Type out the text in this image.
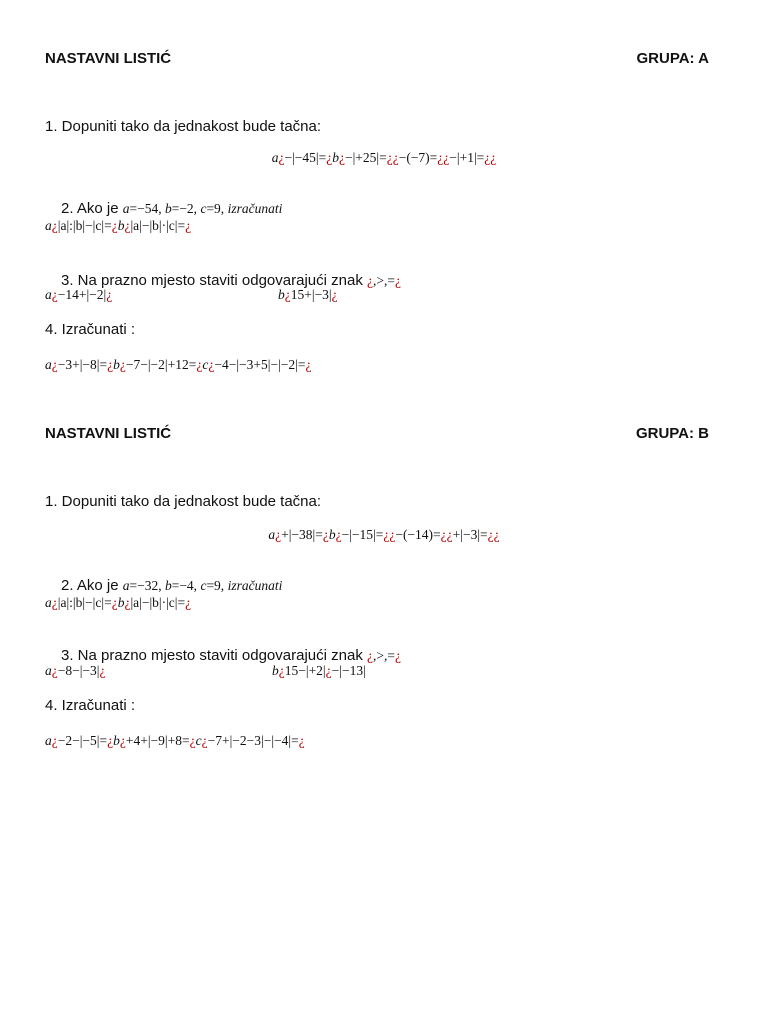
NASTAVNI LISTIĆ	GRUPA: A
1. Dopuniti tako da jednakost bude tačna:
a¿−|−45|=¿b¿−|+25|=¿¿−(−7)=¿¿−|+1|=¿¿

2. Ako je a=−54, b=−2, c=9, izračunati

a¿|a|:|b|−|c|=¿b¿|a|−|b|·|c|=¿

3. Na prazno mjesto staviti odgovarajući znak ¿,>,=¿

a¿−14+|−2|¿	b¿15+|−3|¿
4. Izračunati :
a¿−3+|−8|=¿b¿−7−|−2|+12=¿c¿−4−|−3+5|−|−2|=¿
NASTAVNI LISTIĆ	GRUPA: B
1. Dopuniti tako da jednakost bude tačna:
a¿+|−38|=¿b¿−|−15|=¿¿−(−14)=¿¿+|−3|=¿¿

2. Ako je a=−32, b=−4, c=9, izračunati

a¿|a|:|b|−|c|=¿b¿|a|−|b|·|c|=¿

3. Na prazno mjesto staviti odgovarajući znak ¿,>,=¿

a¿−8−|−3|¿	b¿15−|+2|¿−|−13|
4. Izračunati :
a¿−2−|−5|=¿b¿+4+|−9|+8=¿c¿−7+|−2−3|−|−4|=¿
